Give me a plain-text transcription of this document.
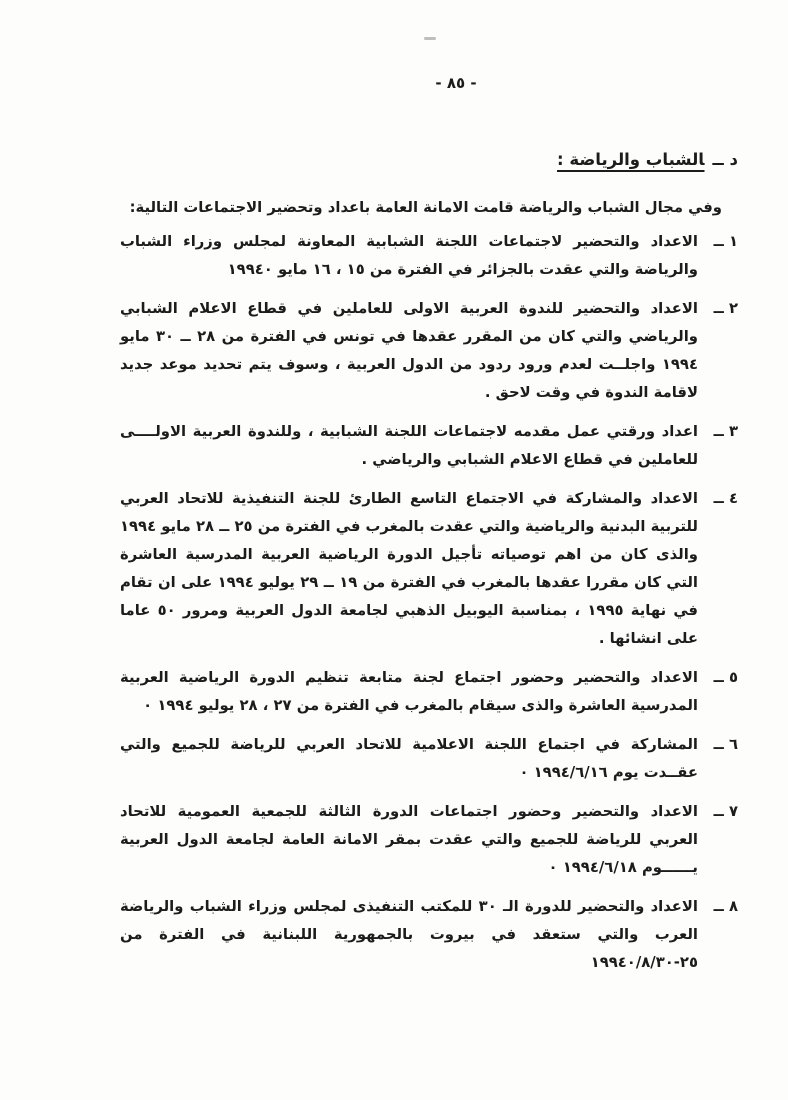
- ٨٥ -
د ــالشباب والرياضة :
وفي مجال الشباب والرياضة قامت الامانة العامة باعداد وتحضير الاجتماعات التالية:
١ ــ
الاعداد والتحضير لاجتماعات اللجنة الشبابية المعاونة لمجلس وزراء الشباب والرياضة والتي عقدت بالجزائر في الفترة من ١٥ ، ١٦ مايو ١٩٩٤٠
٢ ــ
الاعداد والتحضير للندوة العربية الاولى للعاملين في قطاع الاعلام الشبابي والرياضي والتي كان من المقرر عقدها في تونس في الفترة من ٢٨ ــ ٣٠ مايو ١٩٩٤ واجلــت لعدم ورود ردود من الدول العربية ، وسوف يتم تحديد موعد جديد لاقامة الندوة في وقت لاحق .
٣ ــ
اعداد ورقتي عمل مقدمه لاجتماعات اللجنة الشبابية ، وللندوة العربية الاولــــى للعاملين في قطاع الاعلام الشبابي والرياضي .
٤ ــ
الاعداد والمشاركة في الاجتماع التاسع الطارئ للجنة التنفيذية للاتحاد العربي للتربية البدنية والرياضية والتي عقدت بالمغرب في الفترة من ٢٥ ــ ٢٨ مايو ١٩٩٤ والذى كان من اهم توصياته تأجيل الدورة الرياضية العربية المدرسية العاشرة التي كان مقررا عقدها بالمغرب في الفترة من ١٩ ــ ٢٩ يوليو ١٩٩٤ على ان تقام في نهاية ١٩٩٥ ، بمناسبة اليوبيل الذهبي لجامعة الدول العربية ومرور ٥٠ عاما على انشائها .
٥ ــ
الاعداد والتحضير وحضور اجتماع لجنة متابعة تنظيم الدورة الرياضية العربية المدرسية العاشرة والذى سيقام بالمغرب في الفترة من ٢٧ ، ٢٨ يوليو ١٩٩٤ ٠
٦ ــ
المشاركة في اجتماع اللجنة الاعلامية للاتحاد العربي للرياضة للجميع والتي عقــدت يوم ١٦‏/٦‏/١٩٩٤ ٠
٧ ــ
الاعداد والتحضير وحضور اجتماعات الدورة الثالثة للجمعية العمومية للاتحاد العربي للرياضة للجميع والتي عقدت بمقر الامانة العامة لجامعة الدول العربية يــــــوم ١٨‏/٦‏/١٩٩٤ ٠
٨ ــ
الاعداد والتحضير للدورة الـ ٣٠ للمكتب التنفيذى لمجلس وزراء الشباب والرياضة العرب والتي ستعقد في بيروت بالجمهورية اللبنانية في الفترة من ٢٥-٣٠‏/٨‏/١٩٩٤٠
